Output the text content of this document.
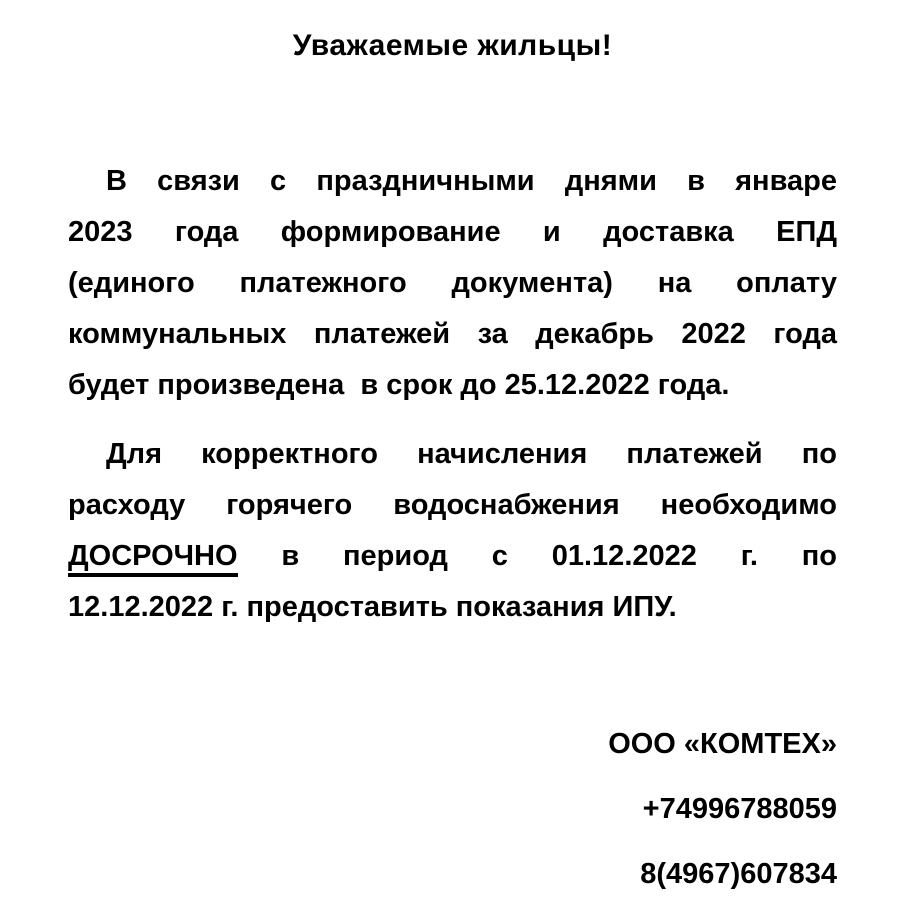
Уважаемые жильцы!
В связи с праздничными днями в январе
2023 года формирование и доставка ЕПД
(единого платежного документа) на оплату
коммунальных платежей за декабрь 2022 года
будет произведена  в срок до 25.12.2022 года.
Для корректного начисления платежей по
расходу горячего водоснабжения необходимо
ДОСРОЧНО в период с 01.12.2022 г. по
12.12.2022 г. предоставить показания ИПУ.
ООО «КОМТЕХ»
+74996788059
8(4967)607834
